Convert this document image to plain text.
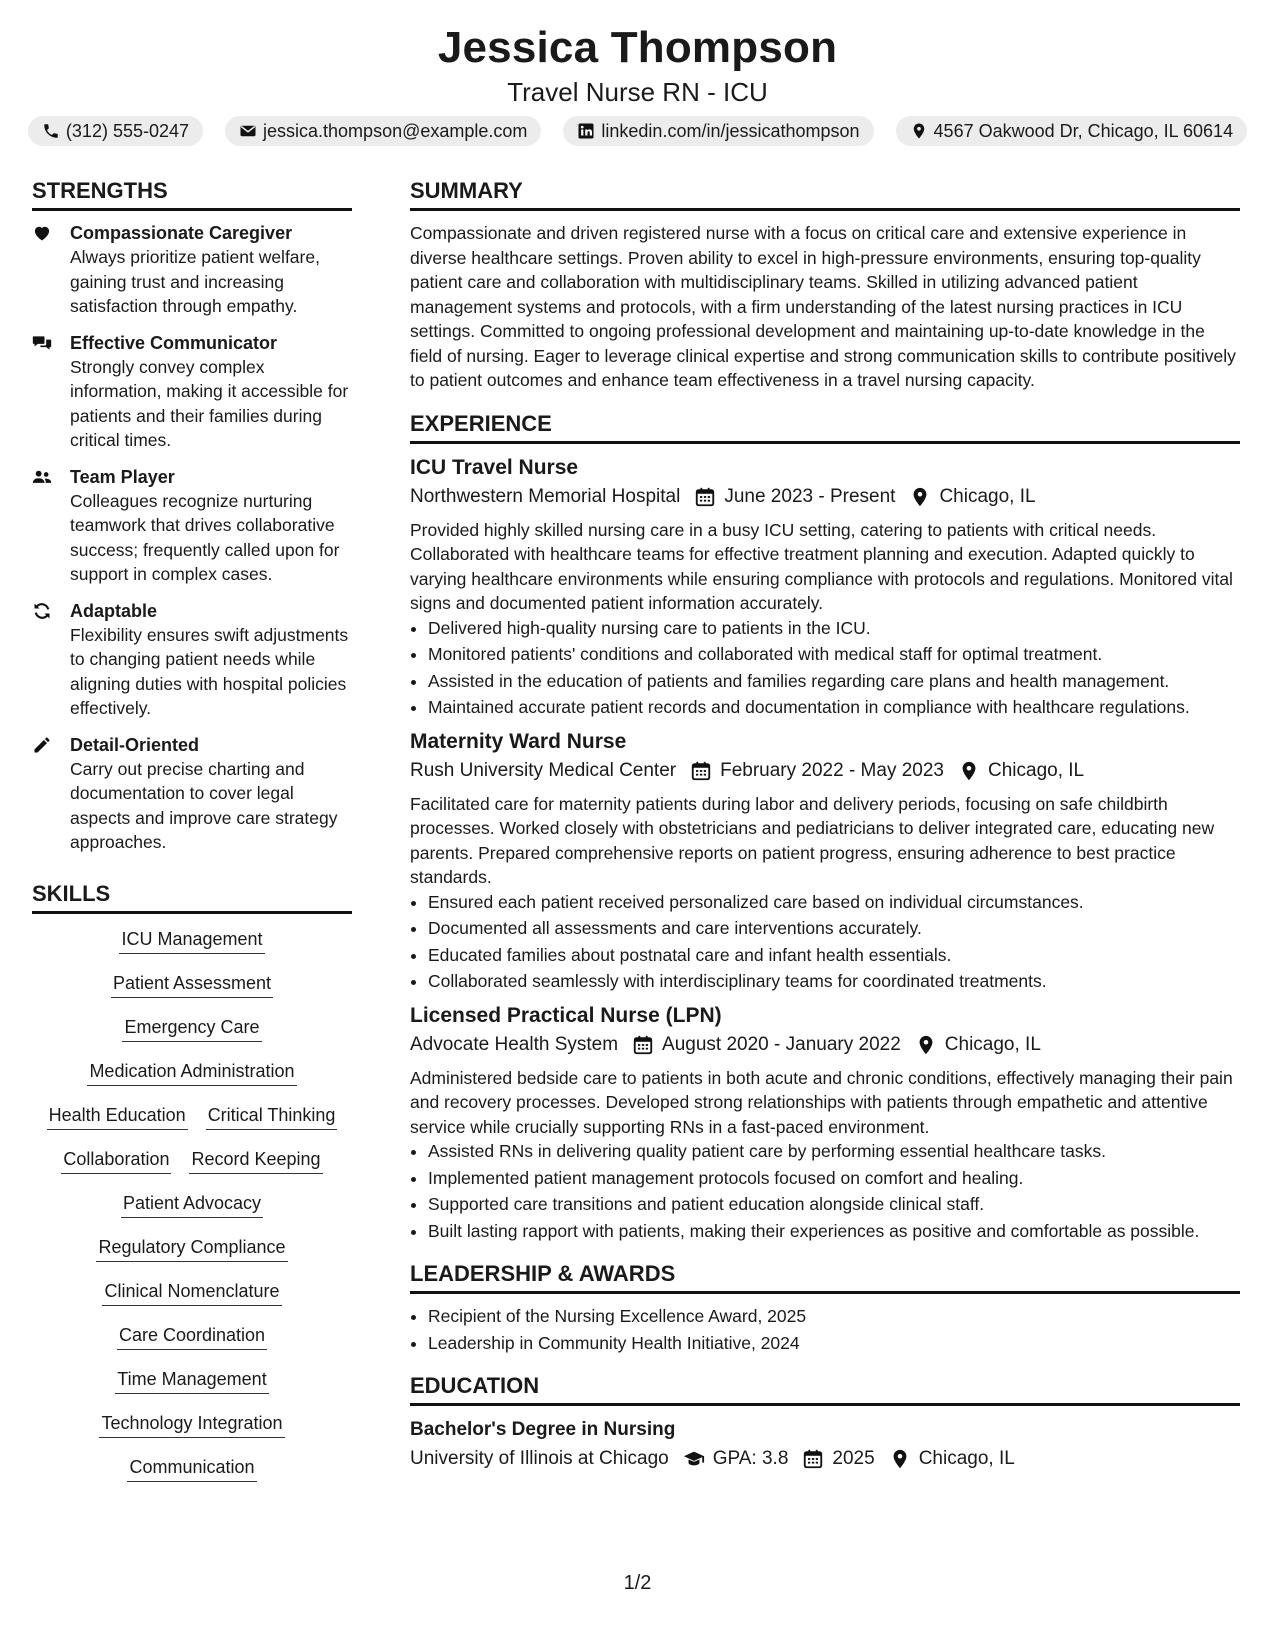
Jessica Thompson
Travel Nurse RN - ICU
(312) 555-0247	jessica.thompson@example.com	linkedin.com/in/jessicathompson	4567 Oakwood Dr, Chicago, IL 60614
STRENGTHS
Compassionate Caregiver
Always prioritize patient welfare, gaining trust and increasing satisfaction through empathy.
Effective Communicator
Strongly convey complex information, making it accessible for patients and their families during critical times.
Team Player
Colleagues recognize nurturing teamwork that drives collaborative success; frequently called upon for support in complex cases.
Adaptable
Flexibility ensures swift adjustments to changing patient needs while aligning duties with hospital policies effectively.
Detail-Oriented
Carry out precise charting and documentation to cover legal aspects and improve care strategy approaches.
SKILLS
ICU Management
Patient Assessment
Emergency Care
Medication Administration
Health Education Critical Thinking
Collaboration Record Keeping
Patient Advocacy
Regulatory Compliance
Clinical Nomenclature
Care Coordination
Time Management
Technology Integration
Communication
SUMMARY
Compassionate and driven registered nurse with a focus on critical care and extensive experience in diverse healthcare settings. Proven ability to excel in high-pressure environments, ensuring top-quality patient care and collaboration with multidisciplinary teams. Skilled in utilizing advanced patient management systems and protocols, with a firm understanding of the latest nursing practices in ICU settings. Committed to ongoing professional development and maintaining up-to-date knowledge in the field of nursing. Eager to leverage clinical expertise and strong communication skills to contribute positively to patient outcomes and enhance team effectiveness in a travel nursing capacity.
EXPERIENCE
ICU Travel Nurse
Northwestern Memorial Hospital June 2023 - Present Chicago, IL
Provided highly skilled nursing care in a busy ICU setting, catering to patients with critical needs. Collaborated with healthcare teams for effective treatment planning and execution. Adapted quickly to varying healthcare environments while ensuring compliance with protocols and regulations. Monitored vital signs and documented patient information accurately.
• Delivered high-quality nursing care to patients in the ICU.
• Monitored patients' conditions and collaborated with medical staff for optimal treatment.
• Assisted in the education of patients and families regarding care plans and health management.
• Maintained accurate patient records and documentation in compliance with healthcare regulations.
Maternity Ward Nurse
Rush University Medical Center February 2022 - May 2023 Chicago, IL
Facilitated care for maternity patients during labor and delivery periods, focusing on safe childbirth processes. Worked closely with obstetricians and pediatricians to deliver integrated care, educating new parents. Prepared comprehensive reports on patient progress, ensuring adherence to best practice standards.
• Ensured each patient received personalized care based on individual circumstances.
• Documented all assessments and care interventions accurately.
• Educated families about postnatal care and infant health essentials.
• Collaborated seamlessly with interdisciplinary teams for coordinated treatments.
Licensed Practical Nurse (LPN)
Advocate Health System August 2020 - January 2022 Chicago, IL
Administered bedside care to patients in both acute and chronic conditions, effectively managing their pain and recovery processes. Developed strong relationships with patients through empathetic and attentive service while crucially supporting RNs in a fast-paced environment.
• Assisted RNs in delivering quality patient care by performing essential healthcare tasks.
• Implemented patient management protocols focused on comfort and healing.
• Supported care transitions and patient education alongside clinical staff.
• Built lasting rapport with patients, making their experiences as positive and comfortable as possible.
LEADERSHIP & AWARDS
• Recipient of the Nursing Excellence Award, 2025
• Leadership in Community Health Initiative, 2024
EDUCATION
Bachelor's Degree in Nursing
University of Illinois at Chicago GPA: 3.8 2025 Chicago, IL
1/2
